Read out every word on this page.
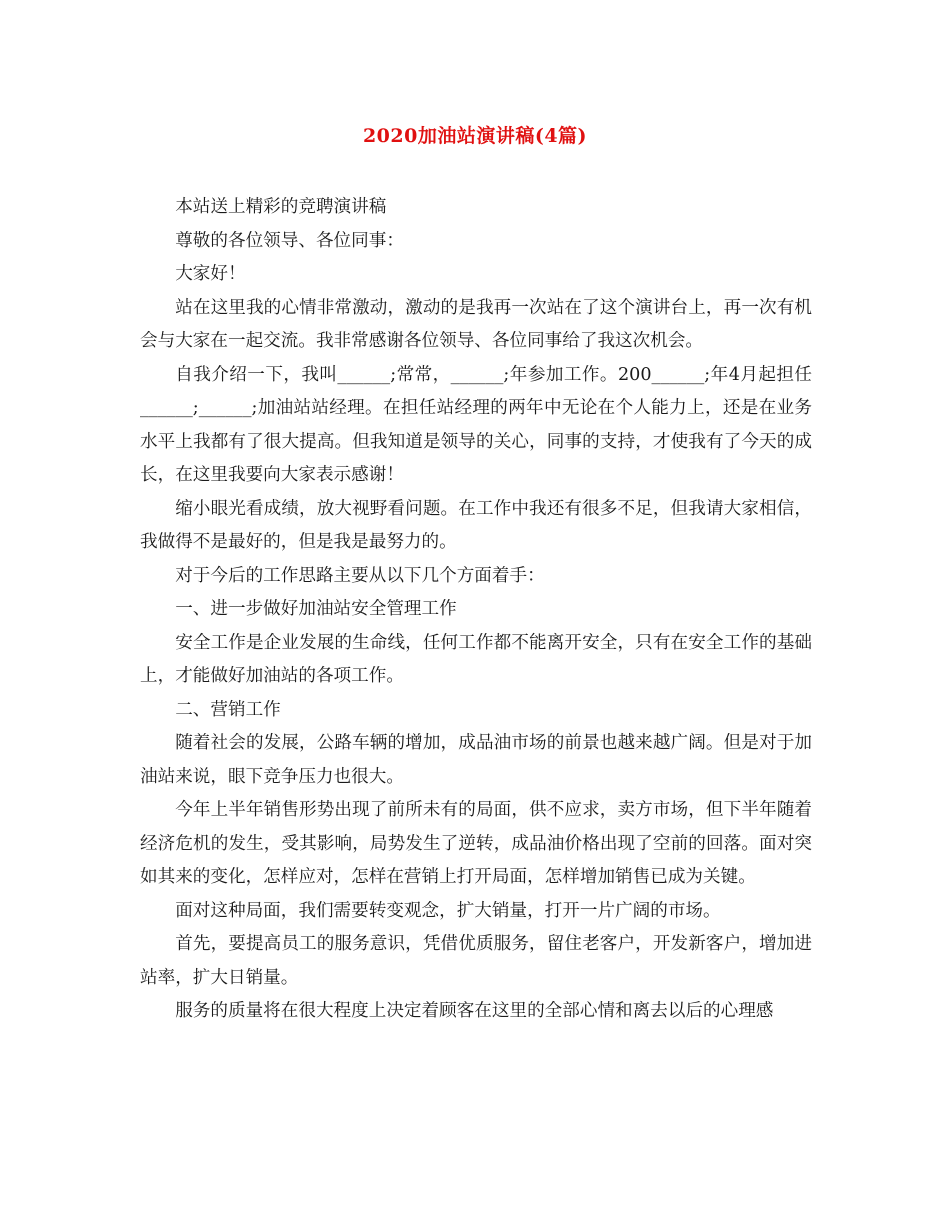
2020加油站演讲稿(4篇)

本站送上精彩的竞聘演讲稿

尊敬的各位领导、各位同事：

大家好！

站在这里我的心情非常激动，激动的是我再一次站在了这个演讲台上，再一次有机会与大家在一起交流。我非常感谢各位领导、各位同事给了我这次机会。

自我介绍一下，我叫______;常常，______;年参加工作。200______;年4月起担任______;______;加油站站经理。在担任站经理的两年中无论在个人能力上，还是在业务水平上我都有了很大提高。但我知道是领导的关心，同事的支持，才使我有了今天的成长，在这里我要向大家表示感谢！

缩小眼光看成绩，放大视野看问题。在工作中我还有很多不足，但我请大家相信，我做得不是最好的，但是我是最努力的。

对于今后的工作思路主要从以下几个方面着手：

一、进一步做好加油站安全管理工作

安全工作是企业发展的生命线，任何工作都不能离开安全，只有在安全工作的基础上，才能做好加油站的各项工作。

二、营销工作

随着社会的发展，公路车辆的增加，成品油市场的前景也越来越广阔。但是对于加油站来说，眼下竞争压力也很大。

今年上半年销售形势出现了前所未有的局面，供不应求，卖方市场，但下半年随着经济危机的发生，受其影响，局势发生了逆转，成品油价格出现了空前的回落。面对突如其来的变化，怎样应对，怎样在营销上打开局面，怎样增加销售已成为关键。

面对这种局面，我们需要转变观念，扩大销量，打开一片广阔的市场。

首先，要提高员工的服务意识，凭借优质服务，留住老客户，开发新客户，增加进站率，扩大日销量。

服务的质量将在很大程度上决定着顾客在这里的全部心情和离去以后的心理感
